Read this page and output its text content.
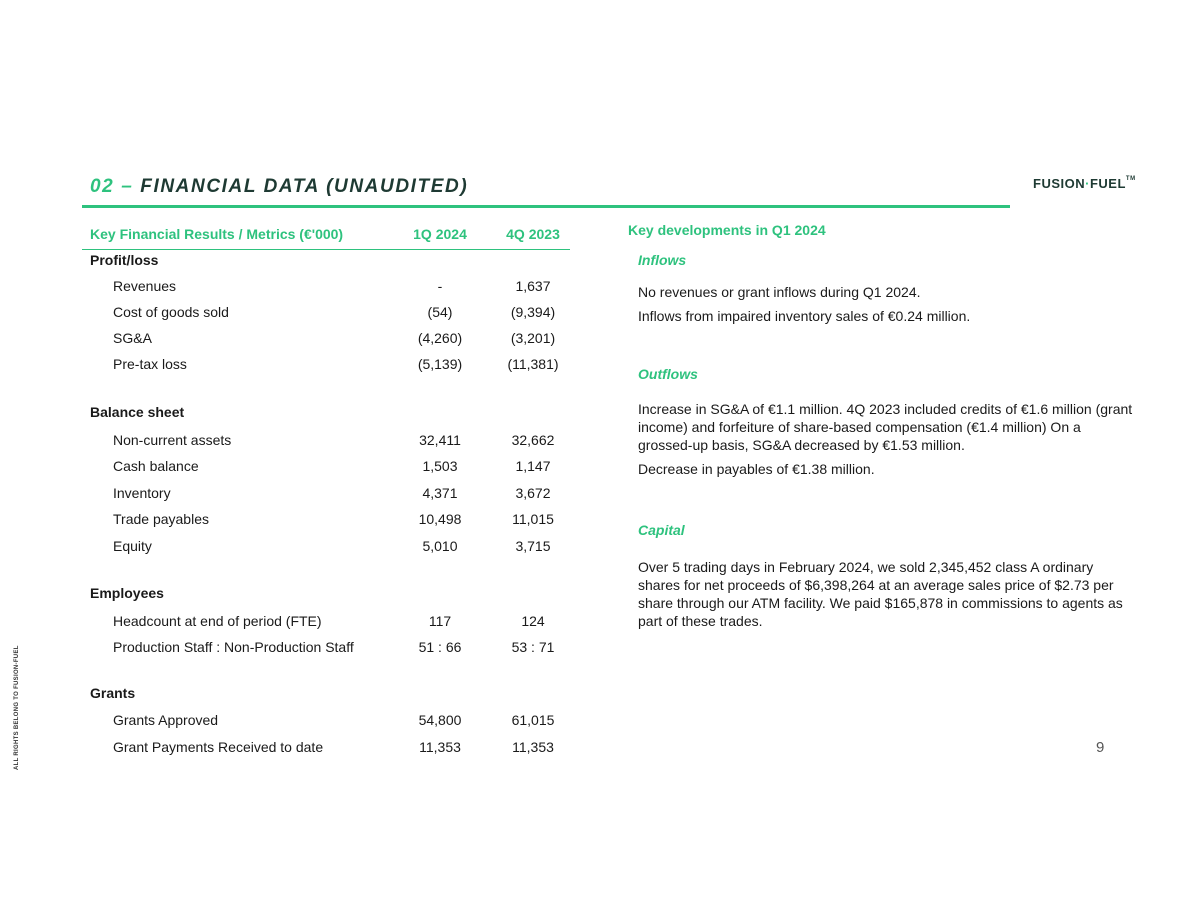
02 – FINANCIAL DATA (UNAUDITED)	FUSION·FUEL™
Key Financial Results / Metrics (€'000)	1Q 2024	4Q 2023
Profit/loss
Revenues	-	1,637
Cost of goods sold	(54)	(9,394)
SG&A	(4,260)	(3,201)
Pre-tax loss	(5,139)	(11,381)
Balance sheet
Non-current assets	32,411	32,662
Cash balance	1,503	1,147
Inventory	4,371	3,672
Trade payables	10,498	11,015
Equity	5,010	3,715
Employees
Headcount at end of period (FTE)	117	124
Production Staff : Non-Production Staff	51 : 66	53 : 71
Grants
Grants Approved	54,800	61,015
Grant Payments Received to date	11,353	11,353
Key developments in Q1 2024
Inflows
No revenues or grant inflows during Q1 2024.
Inflows from impaired inventory sales of €0.24 million.
Outflows
Increase in SG&A of €1.1 million. 4Q 2023 included credits of €1.6 million (grant income) and forfeiture of share-based compensation (€1.4 million) On a grossed-up basis, SG&A decreased by €1.53 million.
Decrease in payables of €1.38 million.
Capital
Over 5 trading days in February 2024, we sold 2,345,452 class A ordinary shares for net proceeds of $6,398,264 at an average sales price of $2.73 per share through our ATM facility. We paid $165,878 in commissions to agents as part of these trades.
9
ALL RIGHTS BELONG TO FUSION-FUEL
